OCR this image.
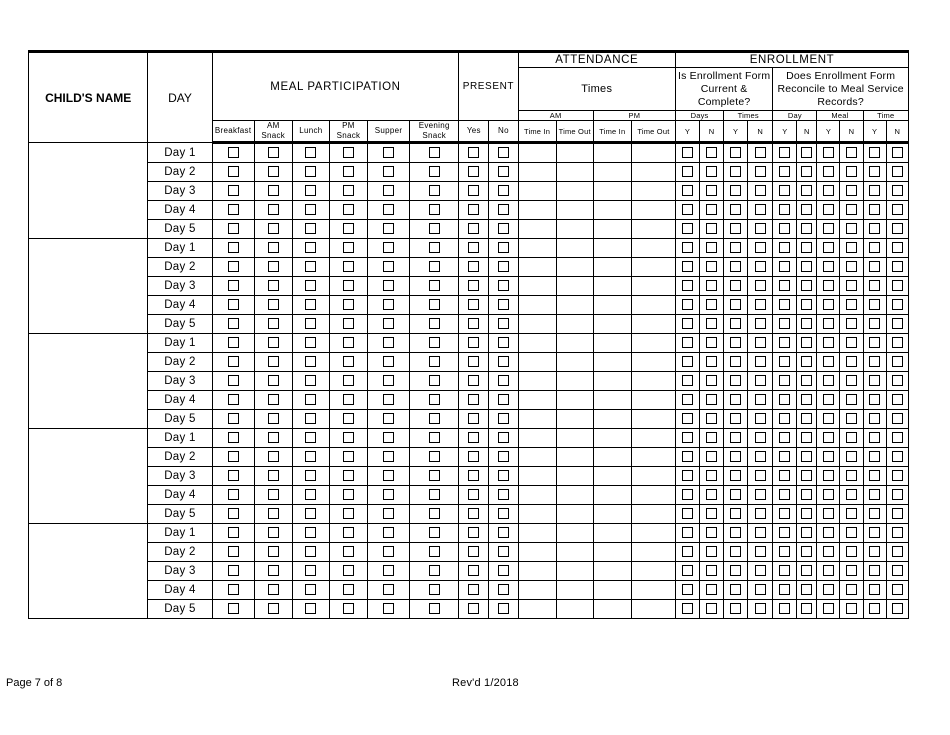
CHILD'S NAME	DAY	MEAL PARTICIPATION						PRESENT		ATTENDANCE				ENROLLMENT									
										Times				Is Enrollment Form Current & Complete?				Does Enrollment Form Reconcile to Meal Service Records?					
										AM		PM		Days		Times		Day		Meal		Time	
		Breakfast	AM Snack	Lunch	PM Snack	Supper	Evening Snack	Yes	No	Time In	Time Out	Time In	Time Out	Y	N	Y	N	Y	N	Y	N	Y	N
	Day 1																						
	Day 2																						
	Day 3																						
	Day 4																						
	Day 5																						
	Day 1																						
	Day 2																						
	Day 3																						
	Day 4																						
	Day 5																						
	Day 1																						
	Day 2																						
	Day 3																						
	Day 4																						
	Day 5																						
	Day 1																						
	Day 2																						
	Day 3																						
	Day 4																						
	Day 5																						
	Day 1																						
	Day 2																						
	Day 3																						
	Day 4																						
	Day 5																						
Page 7 of 8	Rev'd 1/2018
